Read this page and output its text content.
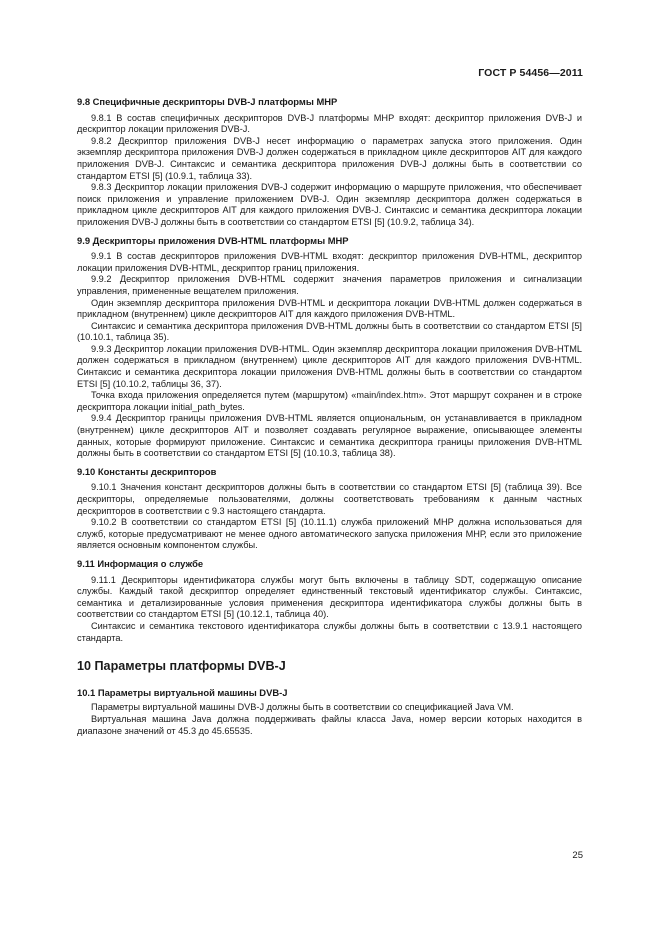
ГОСТ Р 54456—2011
9.8 Специфичные дескрипторы DVB-J платформы МНР

9.8.1 В состав специфичных дескрипторов DVB-J платформы МНР входят: дескриптор приложения DVB-J и дескриптор локации приложения DVB-J.

9.8.2 Дескриптор приложения DVB-J несет информацию о параметрах запуска этого приложения. Один экземпляр дескриптора приложения DVB-J должен содержаться в прикладном цикле дескрипторов AIT для каждого приложения DVB-J. Синтаксис и семантика дескриптора приложения DVB-J должны быть в соответствии со стандартом ETSI [5] (10.9.1, таблица 33).

9.8.3 Дескриптор локации приложения DVB-J содержит информацию о маршруте приложения, что обеспечивает поиск приложения и управление приложением DVB-J. Один экземпляр дескриптора должен содержаться в прикладном цикле дескрипторов AIT для каждого приложения DVB-J. Синтаксис и семантика дескриптора локации приложения DVB-J должны быть в соответствии со стандартом ETSI [5] (10.9.2, таблица 34).

9.9 Дескрипторы приложения DVB-HTML платформы МНР

9.9.1 В состав дескрипторов приложения DVB-HTML входят: дескриптор приложения DVB-HTML, дескриптор локации приложения DVB-HTML, дескриптор границ приложения.

9.9.2 Дескриптор приложения DVB-HTML содержит значения параметров приложения и сигнализации управления, примененные вещателем приложения.

Один экземпляр дескриптора приложения DVB-HTML и дескриптора локации DVB-HTML должен содержаться в прикладном (внутреннем) цикле дескрипторов AIT для каждого приложения DVB-HTML.

Синтаксис и семантика дескриптора приложения DVB-HTML должны быть в соответствии со стандартом ETSI [5] (10.10.1, таблица 35).

9.9.3 Дескриптор локации приложения DVB-HTML. Один экземпляр дескриптора локации приложения DVB-HTML должен содержаться в прикладном (внутреннем) цикле дескрипторов AIT для каждого приложения DVB-HTML. Синтаксис и семантика дескриптора локации приложения DVB-HTML должны быть в соответствии со стандартом ETSI [5] (10.10.2, таблицы 36, 37).

Точка входа приложения определяется путем (маршрутом) «main/index.htm». Этот маршрут сохранен и в строке дескриптора локации initial_path_bytes.

9.9.4 Дескриптор границы приложения DVB-HTML является опциональным, он устанавливается в прикладном (внутреннем) цикле дескрипторов AIT и позволяет создавать регулярное выражение, описывающее элементы данных, которые формируют приложение. Синтаксис и семантика дескриптора границы приложения DVB-HTML должны быть в соответствии со стандартом ETSI [5] (10.10.3, таблица 38).

9.10 Константы дескрипторов

9.10.1 Значения констант дескрипторов должны быть в соответствии со стандартом ETSI [5] (таблица 39). Все дескрипторы, определяемые пользователями, должны соответствовать требованиям к данным частных дескрипторов в соответствии с 9.3 настоящего стандарта.

9.10.2 В соответствии со стандартом ETSI [5] (10.11.1) служба приложений МНР должна использоваться для служб, которые предусматривают не менее одного автоматического запуска приложения МНР, если это приложение является основным компонентом службы.

9.11 Информация о службе

9.11.1 Дескрипторы идентификатора службы могут быть включены в таблицу SDT, содержащую описание службы. Каждый такой дескриптор определяет единственный текстовый идентификатор службы. Синтаксис, семантика и детализированные условия применения дескриптора идентификатора службы должны быть в соответствии со стандартом ETSI [5] (10.12.1, таблица 40).

Синтаксис и семантика текстового идентификатора службы должны быть в соответствии с 13.9.1 настоящего стандарта.

10 Параметры платформы DVB-J
10.1 Параметры виртуальной машины DVB-J

Параметры виртуальной машины DVB-J должны быть в соответствии со спецификацией Java VM.

Виртуальная машина Java должна поддерживать файлы класса Java, номер версии которых находится в диапазоне значений от 45.3 до 45.65535.

25
